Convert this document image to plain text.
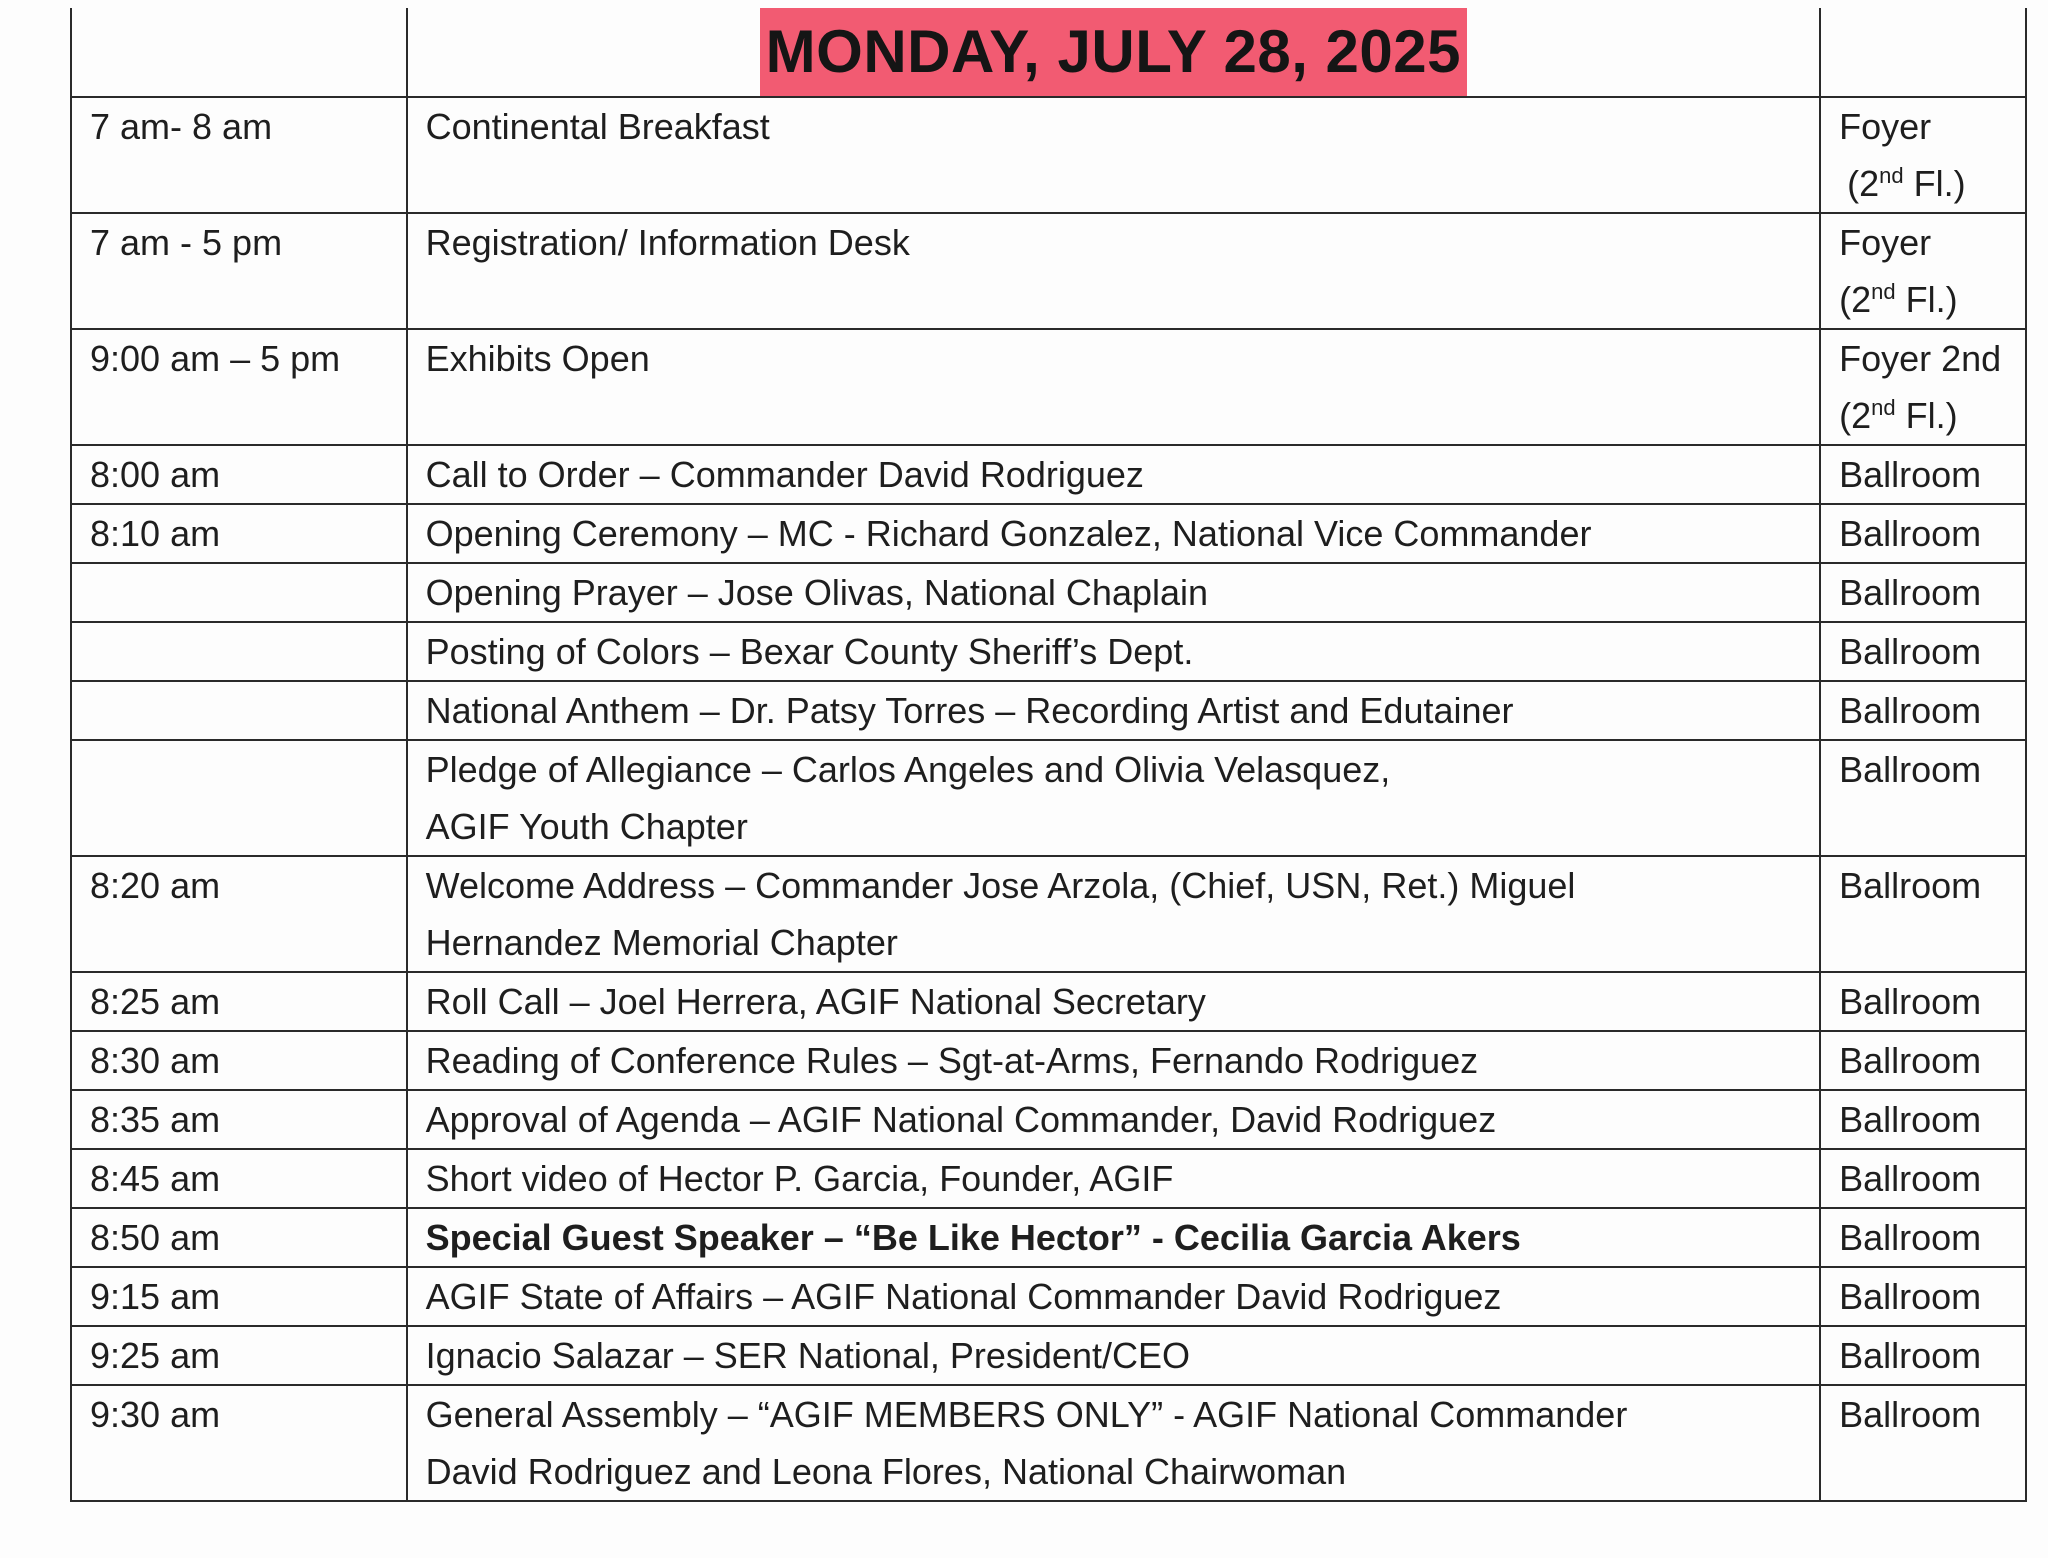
	MONDAY, JULY 28, 2025	
7 am- 8 am	Continental Breakfast	Foyer
(2nd Fl.)

7 am - 5 pm	Registration/ Information Desk	Foyer
(2nd Fl.)

9:00 am – 5 pm	Exhibits Open	Foyer 2nd
(2nd Fl.)

8:00 am	Call to Order – Commander David Rodriguez	Ballroom
8:10 am	Opening Ceremony – MC - Richard Gonzalez, National Vice Commander	Ballroom
	Opening Prayer – Jose Olivas, National Chaplain	Ballroom
	Posting of Colors – Bexar County Sheriff’s Dept.	Ballroom
	National Anthem – Dr. Patsy Torres – Recording Artist and Edutainer	Ballroom

	Pledge of Allegiance – Carlos Angeles and Olivia Velasquez,
AGIF Youth Chapter	Ballroom
8:20 am	Welcome Address – Commander Jose Arzola, (Chief, USN, Ret.) Miguel
Hernandez Memorial Chapter	Ballroom
8:25 am	Roll Call – Joel Herrera, AGIF National Secretary	Ballroom
8:30 am	Reading of Conference Rules – Sgt-at-Arms, Fernando Rodriguez	Ballroom
8:35 am	Approval of Agenda – AGIF National Commander, David Rodriguez	Ballroom
8:45 am	Short video of Hector P. Garcia, Founder, AGIF	Ballroom
8:50 am	Special Guest Speaker – “Be Like Hector” - Cecilia Garcia Akers	Ballroom
9:15 am	AGIF State of Affairs – AGIF National Commander David Rodriguez	Ballroom
9:25 am	Ignacio Salazar – SER National, President/CEO	Ballroom
9:30 am	General Assembly – “AGIF MEMBERS ONLY” - AGIF National Commander
David Rodriguez and Leona Flores, National Chairwoman	Ballroom
